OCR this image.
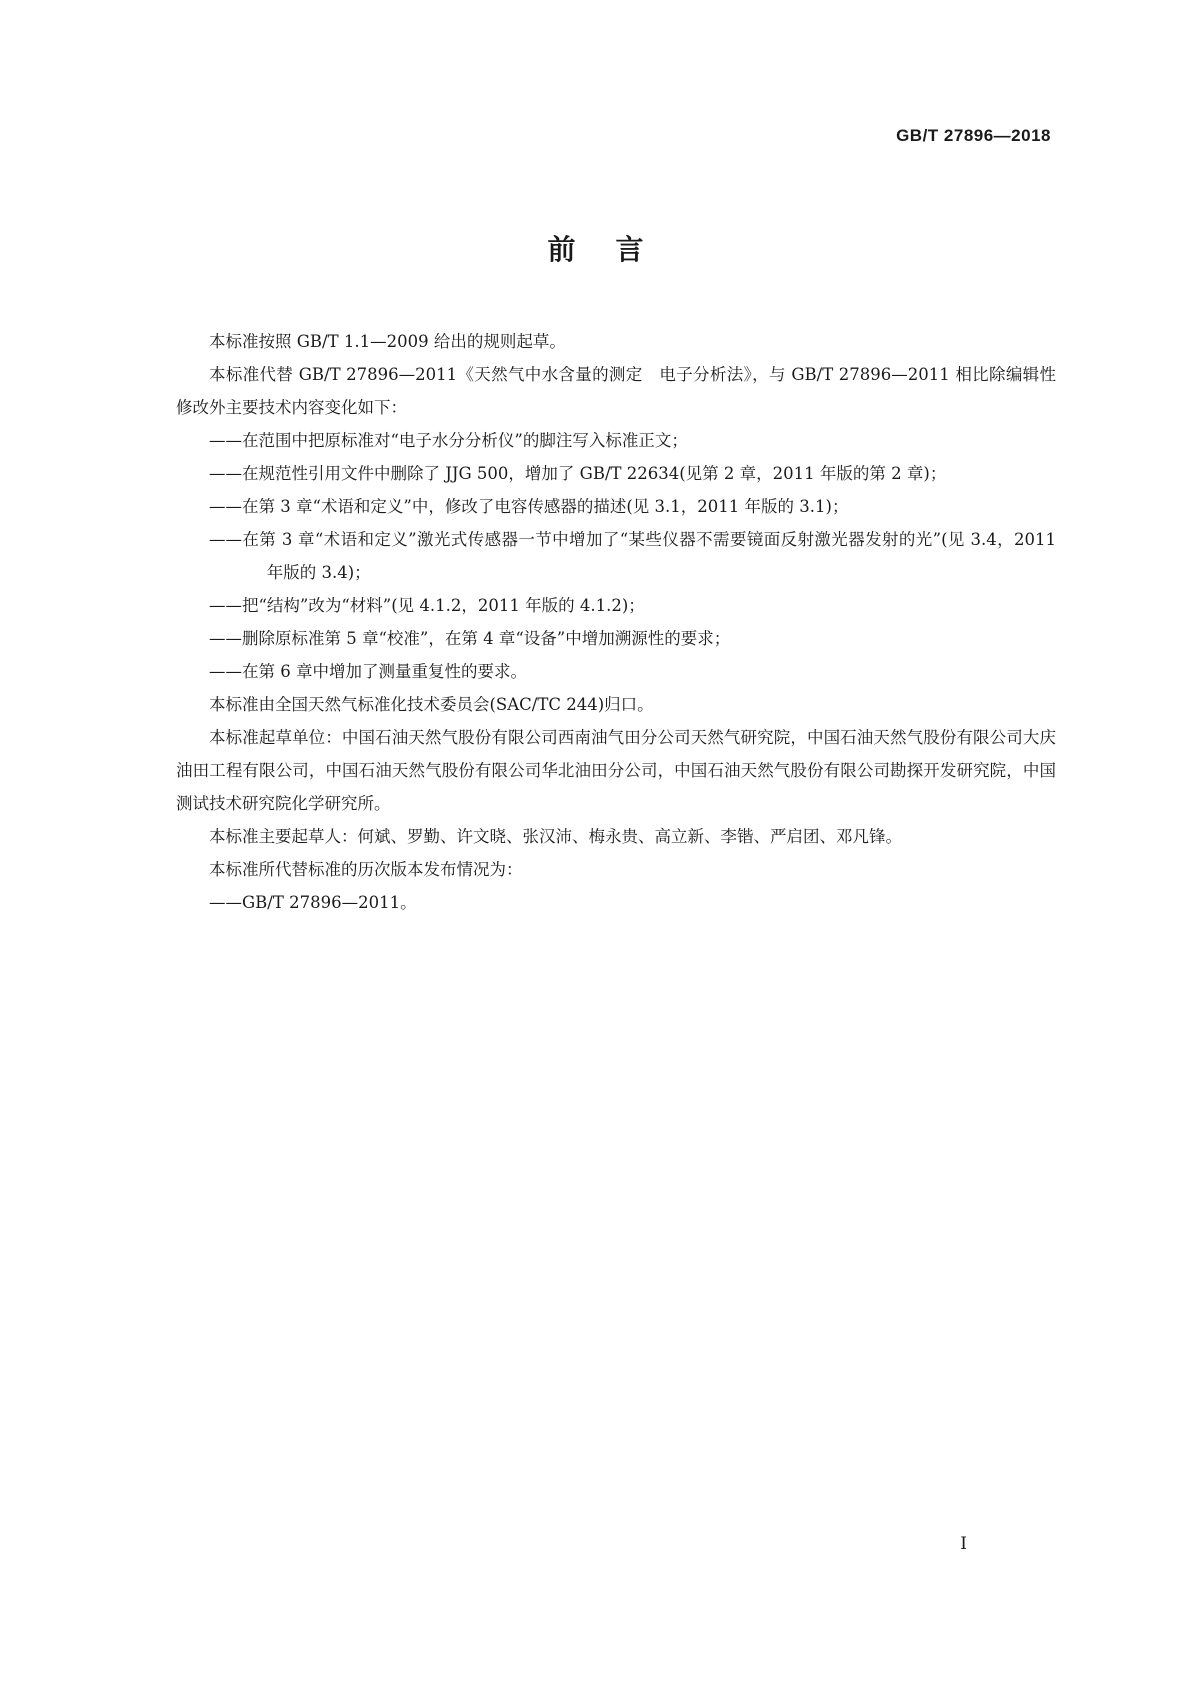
GB/T 27896—2018
前言

本标准按照 GB/T 1.1—2009 给出的规则起草。

本标准代替 GB/T 27896—2011《天然气中水含量的测定　电子分析法》，与 GB/T 27896—2011 相比除编辑性修改外主要技术内容变化如下：

——在范围中把原标准对“电子水分分析仪”的脚注写入标准正文；

——在规范性引用文件中删除了 JJG 500，增加了 GB/T 22634(见第 2 章，2011 年版的第 2 章)；

——在第 3 章“术语和定义”中，修改了电容传感器的描述(见 3.1，2011 年版的 3.1)；

——在第 3 章“术语和定义”激光式传感器一节中增加了“某些仪器不需要镜面反射激光器发射的光”(见 3.4，2011 年版的 3.4)；

——把“结构”改为“材料”(见 4.1.2，2011 年版的 4.1.2)；

——删除原标准第 5 章“校准”，在第 4 章“设备”中增加溯源性的要求；

——在第 6 章中增加了测量重复性的要求。

本标准由全国天然气标准化技术委员会(SAC/TC 244)归口。

本标准起草单位：中国石油天然气股份有限公司西南油气田分公司天然气研究院，中国石油天然气股份有限公司大庆油田工程有限公司，中国石油天然气股份有限公司华北油田分公司，中国石油天然气股份有限公司勘探开发研究院，中国测试技术研究院化学研究所。

本标准主要起草人：何斌、罗勤、许文晓、张汉沛、梅永贵、高立新、李锴、严启团、邓凡锋。

本标准所代替标准的历次版本发布情况为：

——GB/T 27896—2011。

I
